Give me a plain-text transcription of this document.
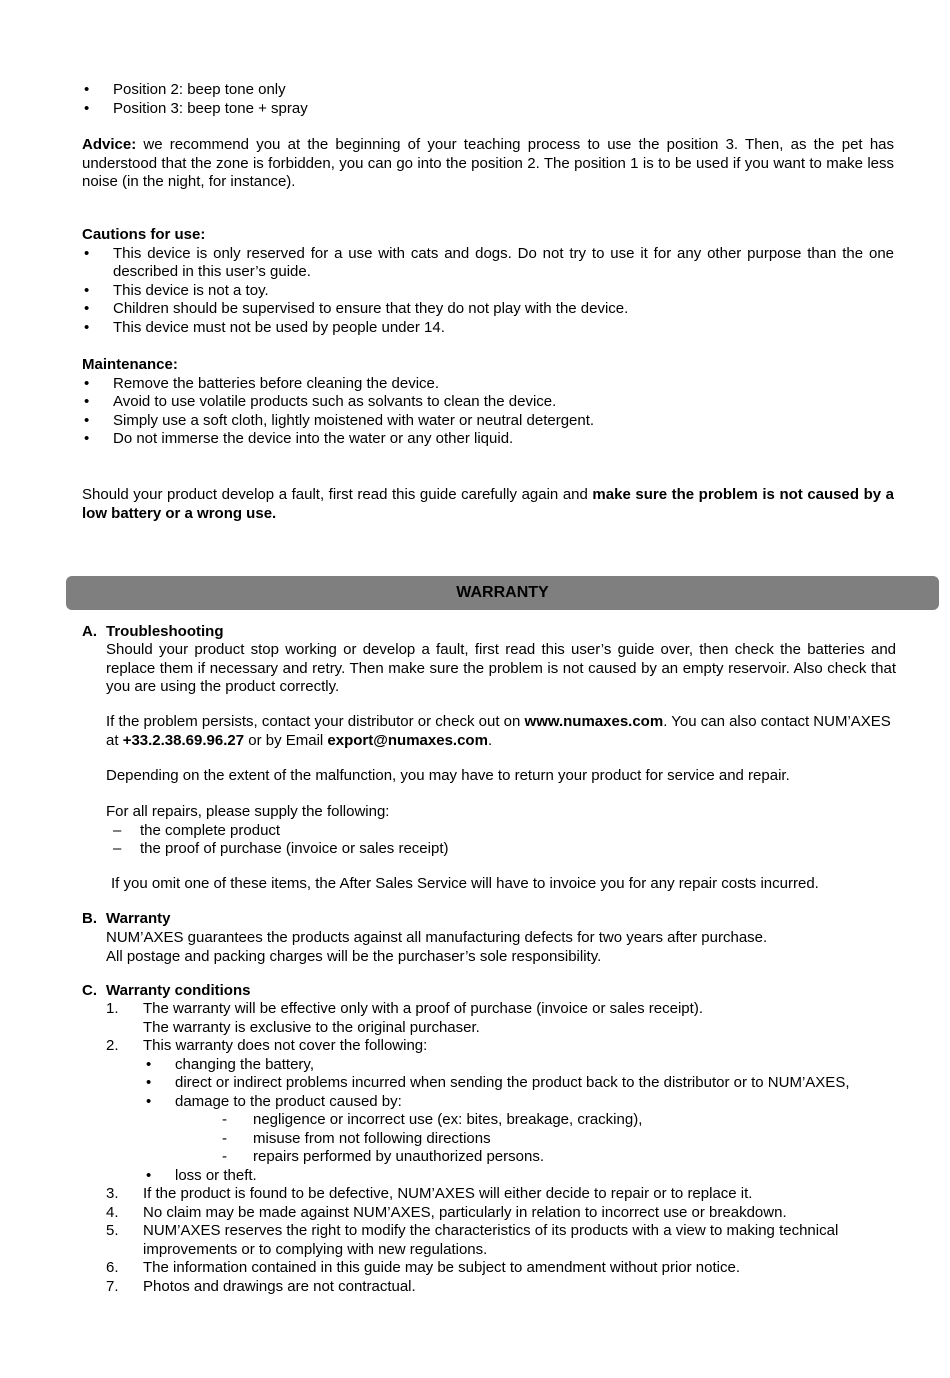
• Position 2: beep tone only
• Position 3: beep tone + spray
Advice: we recommend you at the beginning of your teaching process to use the position 3. Then, as the pet has understood that the zone is forbidden, you can go into the position 2. The position 1 is to be used if you want to make less noise (in the night, for instance).
Cautions for use:
• This device is only reserved for a use with cats and dogs. Do not try to use it for any other purpose than the one described in this user’s guide.
• This device is not a toy.
• Children should be supervised to ensure that they do not play with the device.
• This device must not be used by people under 14.
Maintenance:
• Remove the batteries before cleaning the device.
• Avoid to use volatile products such as solvants to clean the device.
• Simply use a soft cloth, lightly moistened with water or neutral detergent.
• Do not immerse the device into the water or any other liquid.
Should your product develop a fault, first read this guide carefully again and make sure the problem is not caused by a low battery or a wrong use.
WARRANTY
A. Troubleshooting
Should your product stop working or develop a fault, first read this user’s guide over, then check the batteries and replace them if necessary and retry. Then make sure the problem is not caused by an empty reservoir. Also check that you are using the product correctly.
If the problem persists, contact your distributor or check out on www.numaxes.com. You can also contact NUM’AXES at +33.2.38.69.96.27 or by Email export@numaxes.com.
Depending on the extent of the malfunction, you may have to return your product for service and repair.
For all repairs, please supply the following:
– the complete product
– the proof of purchase (invoice or sales receipt)
If you omit one of these items, the After Sales Service will have to invoice you for any repair costs incurred.
B. Warranty
NUM’AXES guarantees the products against all manufacturing defects for two years after purchase.
All postage and packing charges will be the purchaser’s sole responsibility.
C. Warranty conditions
1. The warranty will be effective only with a proof of purchase (invoice or sales receipt).
The warranty is exclusive to the original purchaser.
2. This warranty does not cover the following:
• changing the battery,
• direct or indirect problems incurred when sending the product back to the distributor or to NUM’AXES,
• damage to the product caused by:
- negligence or incorrect use (ex: bites, breakage, cracking),
- misuse from not following directions
- repairs performed by unauthorized persons.
• loss or theft.
3. If the product is found to be defective, NUM’AXES will either decide to repair or to replace it.
4. No claim may be made against NUM’AXES, particularly in relation to incorrect use or breakdown.
5. NUM’AXES reserves the right to modify the characteristics of its products with a view to making technical improvements or to complying with new regulations.
6. The information contained in this guide may be subject to amendment without prior notice.
7. Photos and drawings are not contractual.
